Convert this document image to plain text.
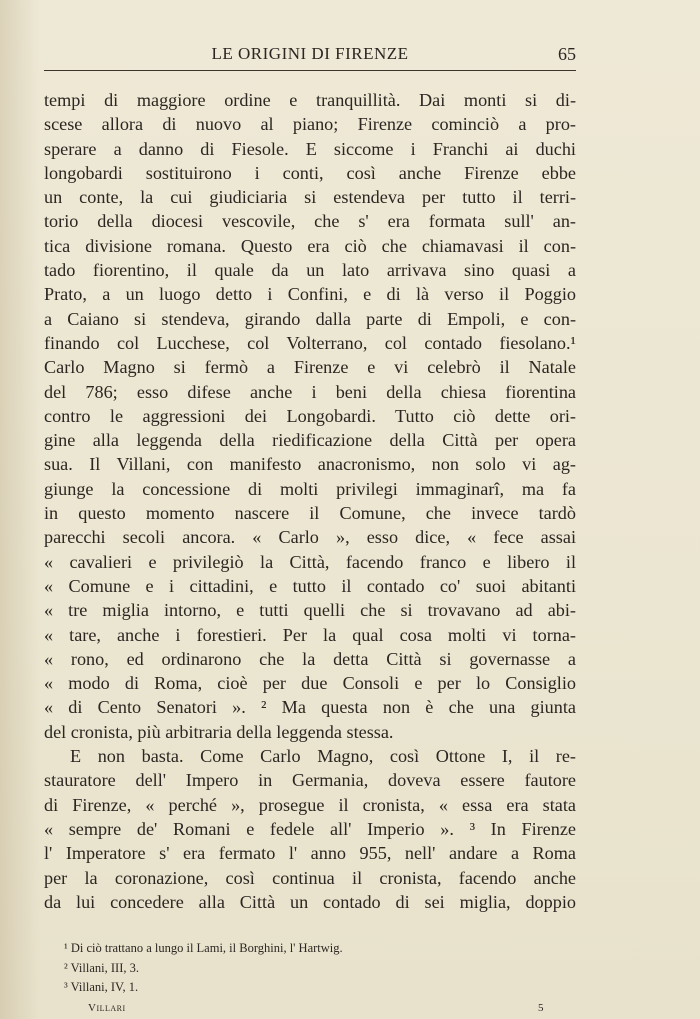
LE ORIGINI DI FIRENZE	65
tempi di maggiore ordine e tranquillità. Dai monti si di-
scese allora di nuovo al piano; Firenze cominciò a pro-
sperare a danno di Fiesole. E siccome i Franchi ai duchi
longobardi sostituirono i conti, così anche Firenze ebbe
un conte, la cui giudiciaria si estendeva per tutto il terri-
torio della diocesi vescovile, che s' era formata sull' an-
tica divisione romana. Questo era ciò che chiamavasi il con-
tado fiorentino, il quale da un lato arrivava sino quasi a
Prato, a un luogo detto i Confini, e di là verso il Poggio
a Caiano si stendeva, girando dalla parte di Empoli, e con-
finando col Lucchese, col Volterrano, col contado fiesolano.¹
Carlo Magno si fermò a Firenze e vi celebrò il Natale
del 786; esso difese anche i beni della chiesa fiorentina
contro le aggressioni dei Longobardi. Tutto ciò dette ori-
gine alla leggenda della riedificazione della Città per opera
sua. Il Villani, con manifesto anacronismo, non solo vi ag-
giunge la concessione di molti privilegi immaginarî, ma fa
in questo momento nascere il Comune, che invece tardò
parecchi secoli ancora. « Carlo », esso dice, « fece assai
« cavalieri e privilegiò la Città, facendo franco e libero il
« Comune e i cittadini, e tutto il contado co' suoi abitanti
« tre miglia intorno, e tutti quelli che si trovavano ad abi-
« tare, anche i forestieri. Per la qual cosa molti vi torna-
« rono, ed ordinarono che la detta Città si governasse a
« modo di Roma, cioè per due Consoli e per lo Consiglio
« di Cento Senatori ». ² Ma questa non è che una giunta
del cronista, più arbitraria della leggenda stessa.
E non basta. Come Carlo Magno, così Ottone I, il re-
stauratore dell' Impero in Germania, doveva essere fautore
di Firenze, « perché », prosegue il cronista, « essa era stata
« sempre de' Romani e fedele all' Imperio ». ³ In Firenze
l' Imperatore s' era fermato l' anno 955, nell' andare a Roma
per la coronazione, così continua il cronista, facendo anche
da lui concedere alla Città un contado di sei miglia, doppio
¹ Di ciò trattano a lungo il Lami, il Borghini, l' Hartwig.
² Villani, III, 3.
³ Villani, IV, 1.
Villari	5
